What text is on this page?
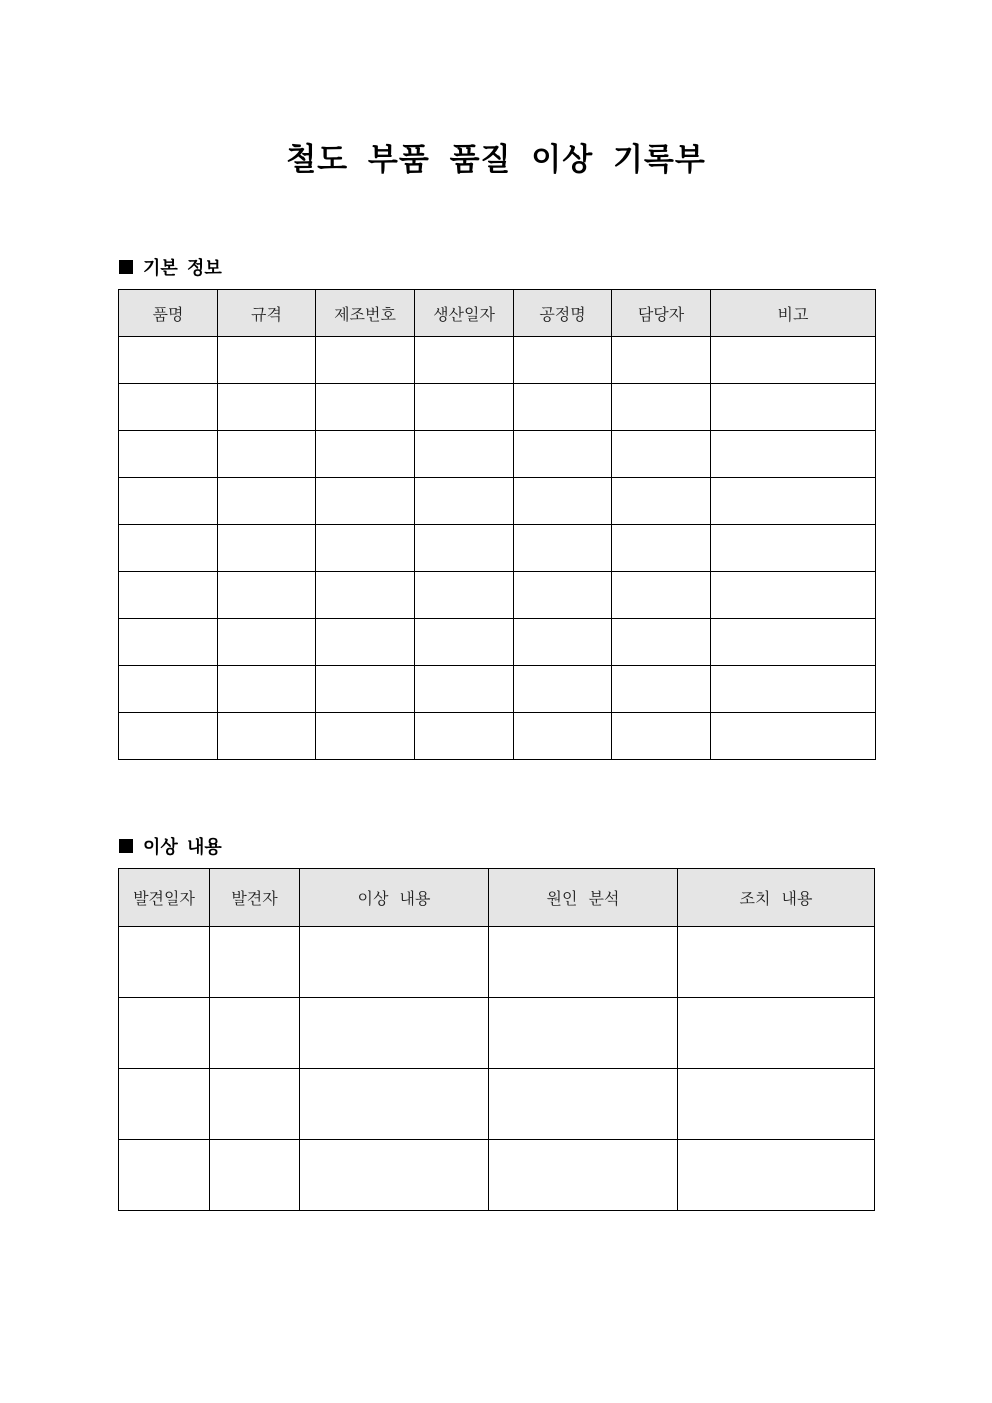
철도 부품 품질 이상 기록부
기본 정보
품명	규격	제조번호	생산일자	공정명	담당자	비고

이상 내용
발견일자	발견자	이상 내용	원인 분석	조치 내용
